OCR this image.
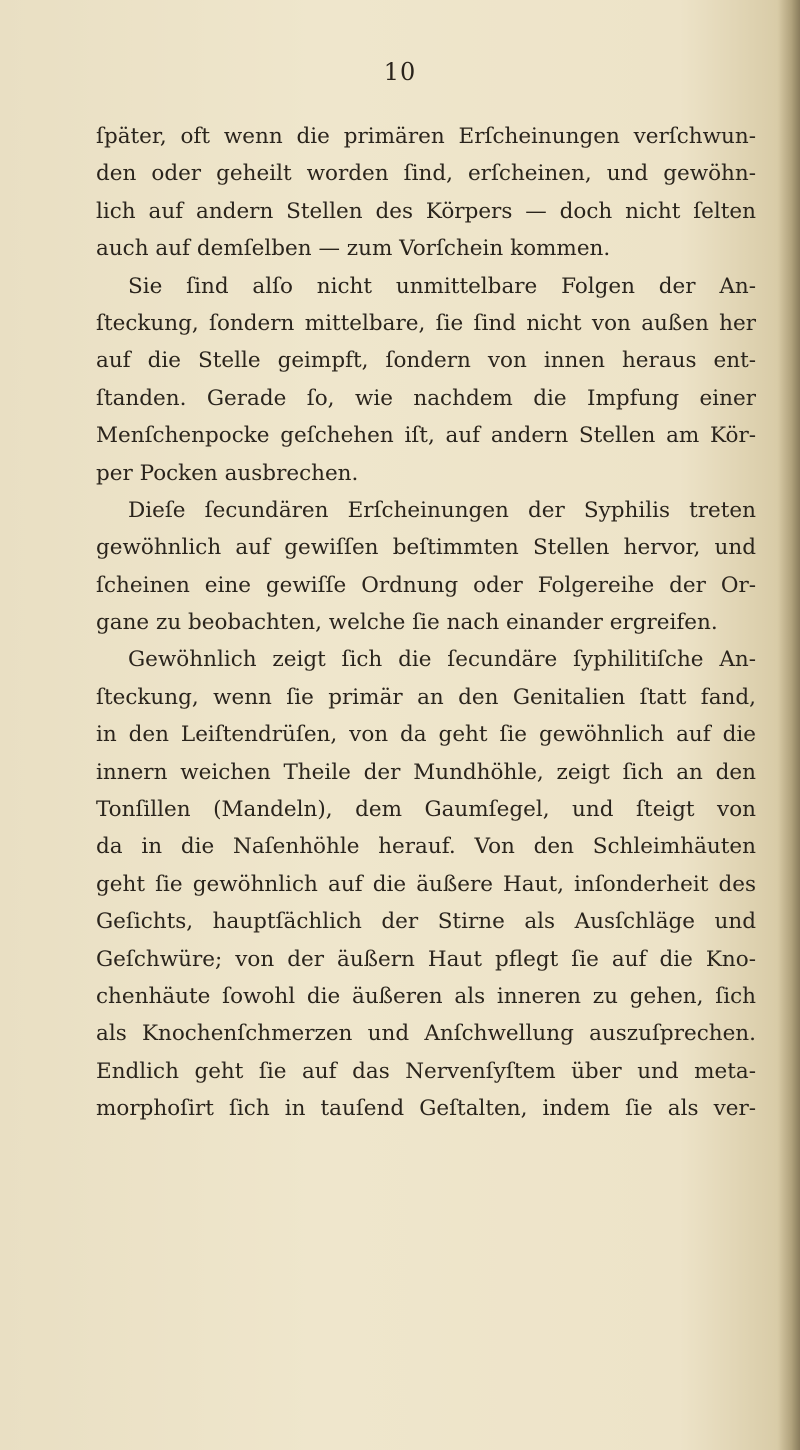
10
ſpäter, oft wenn die primären Erſcheinungen verſchwun-
den oder geheilt worden ſind, erſcheinen, und gewöhn-
lich auf andern Stellen des Körpers — doch nicht ſelten
auch auf demſelben — zum Vorſchein kommen.
Sie ſind alſo nicht unmittelbare Folgen der An-
ſteckung, ſondern mittelbare, ſie ſind nicht von außen her
auf die Stelle geimpft, ſondern von innen heraus ent-
ſtanden. Gerade ſo, wie nachdem die Impfung einer
Menſchenpocke geſchehen iſt, auf andern Stellen am Kör-
per Pocken ausbrechen.
Dieſe ſecundären Erſcheinungen der Syphilis treten
gewöhnlich auf gewiſſen beſtimmten Stellen hervor, und
ſcheinen eine gewiſſe Ordnung oder Folgereihe der Or-
gane zu beobachten, welche ſie nach einander ergreifen.
Gewöhnlich zeigt ſich die ſecundäre ſyphilitiſche An-
ſteckung, wenn ſie primär an den Genitalien ſtatt fand,
in den Leiſtendrüſen, von da geht ſie gewöhnlich auf die
innern weichen Theile der Mundhöhle, zeigt ſich an den
Tonſillen (Mandeln), dem Gaumſegel, und ſteigt von
da in die Naſenhöhle herauf. Von den Schleimhäuten
geht ſie gewöhnlich auf die äußere Haut, inſonderheit des
Geſichts, hauptſächlich der Stirne als Ausſchläge und
Geſchwüre; von der äußern Haut pflegt ſie auf die Kno-
chenhäute ſowohl die äußeren als inneren zu gehen, ſich
als Knochenſchmerzen und Anſchwellung auszuſprechen.
Endlich geht ſie auf das Nervenſyſtem über und meta-
morphoſirt ſich in tauſend Geſtalten, indem ſie als ver-
